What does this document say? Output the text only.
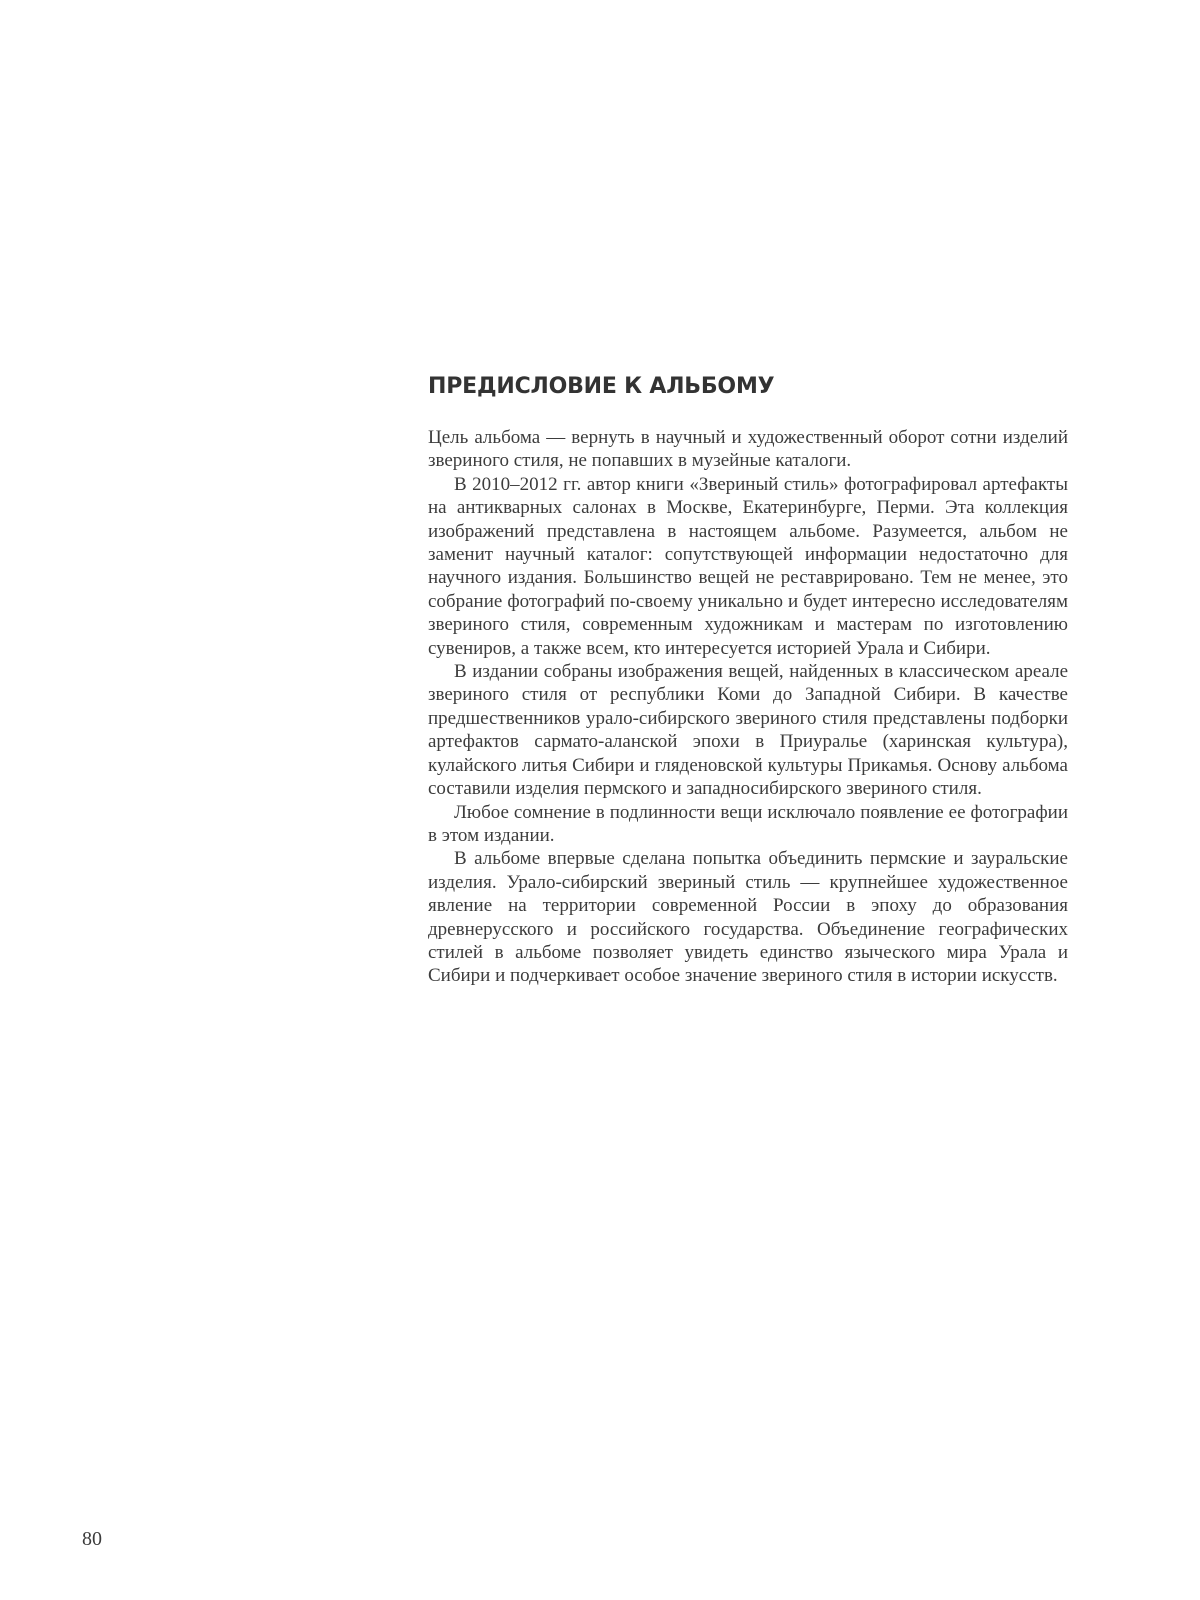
ПРЕДИСЛОВИЕ К АЛЬБОМУ

Цель альбома — вернуть в научный и художественный оборот сотни изделий звериного стиля, не попавших в музейные каталоги.

В 2010–2012 гг. автор книги «Звериный стиль» фотографировал артефакты на антикварных салонах в Москве, Екатеринбурге, Перми. Эта коллекция изображений представлена в настоящем альбоме. Разумеется, альбом не заменит научный каталог: сопутствующей информации недостаточно для научного издания. Большинство вещей не реставрировано. Тем не менее, это собрание фотографий по-своему уникально и будет интересно исследователям звериного стиля, современным художникам и мастерам по изготовлению сувениров, а также всем, кто интересуется историей Урала и Сибири.

В издании собраны изображения вещей, найденных в классическом ареале звериного стиля от республики Коми до Западной Сибири. В качестве предшественников урало-сибирского звериного стиля представлены подборки артефактов сармато-аланской эпохи в Приуралье (харинская культура), кулайского литья Сибири и гляденовской культуры Прикамья. Основу альбома составили изделия пермского и западносибирского звериного стиля.

Любое сомнение в подлинности вещи исключало появление ее фотографии в этом издании.

В альбоме впервые сделана попытка объединить пермские и зауральские изделия. Урало-сибирский звериный стиль — крупнейшее художественное явление на территории современной России в эпоху до образования древнерусского и российского государства. Объединение географических стилей в альбоме позволяет увидеть единство языческого мира Урала и Сибири и подчеркивает особое значение звериного стиля в истории искусств.

80
